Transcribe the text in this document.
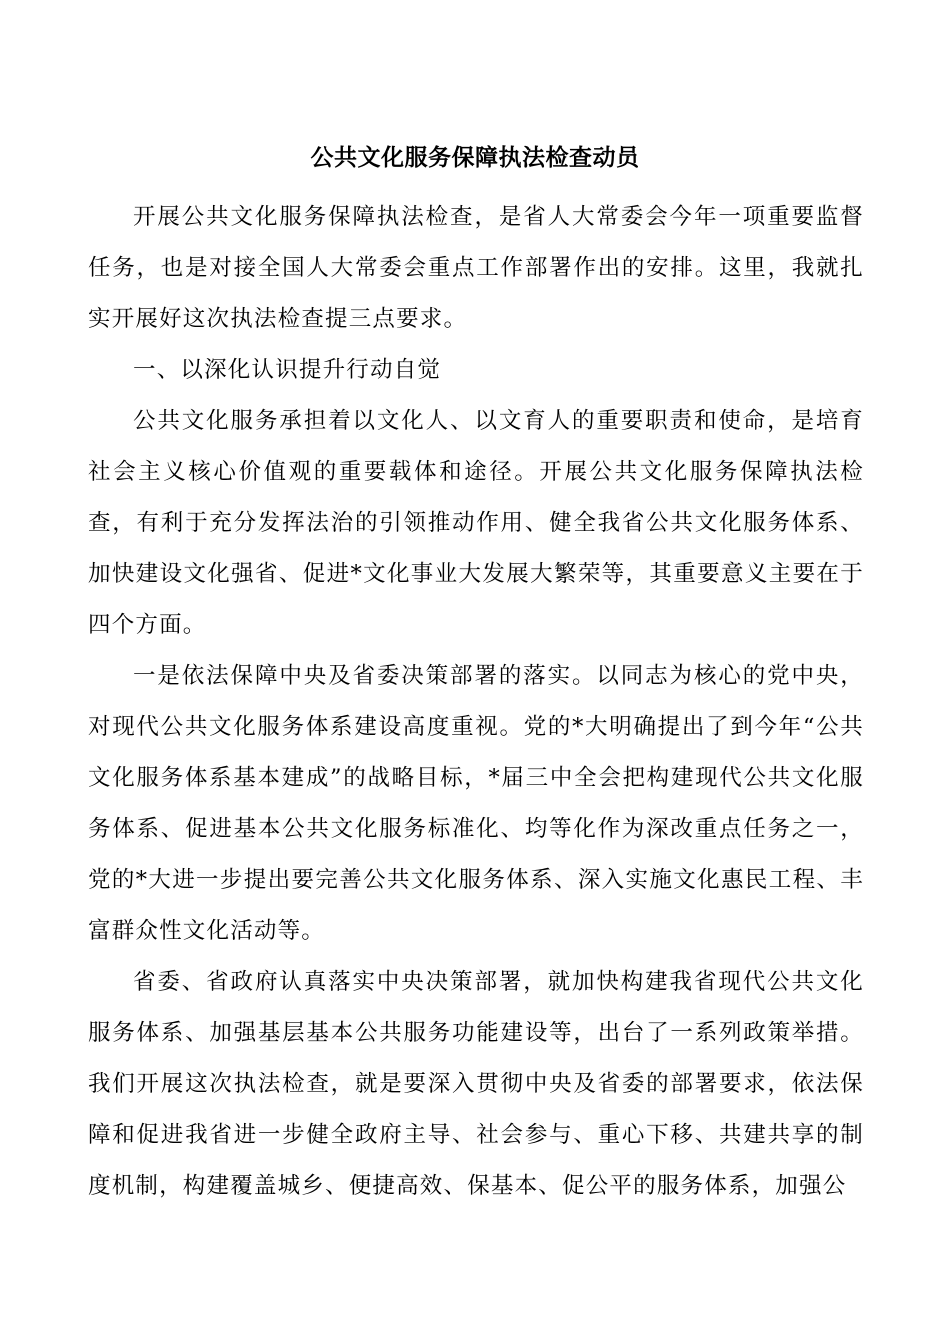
公共文化服务保障执法检查动员

开展公共文化服务保障执法检查，是省人大常委会今年一项重要监督任务，也是对接全国人大常委会重点工作部署作出的安排。这里，我就扎实开展好这次执法检查提三点要求。

一、以深化认识提升行动自觉

公共文化服务承担着以文化人、以文育人的重要职责和使命，是培育社会主义核心价值观的重要载体和途径。开展公共文化服务保障执法检查，有利于充分发挥法治的引领推动作用、健全我省公共文化服务体系、加快建设文化强省、促进*文化事业大发展大繁荣等，其重要意义主要在于四个方面。

一是依法保障中央及省委决策部署的落实。以同志为核心的党中央，对现代公共文化服务体系建设高度重视。党的*大明确提出了到今年“公共文化服务体系基本建成”的战略目标，*届三中全会把构建现代公共文化服务体系、促进基本公共文化服务标准化、均等化作为深改重点任务之一，党的*大进一步提出要完善公共文化服务体系、深入实施文化惠民工程、丰富群众性文化活动等。

省委、省政府认真落实中央决策部署，就加快构建我省现代公共文化服务体系、加强基层基本公共服务功能建设等，出台了一系列政策举措。我们开展这次执法检查，就是要深入贯彻中央及省委的部署要求，依法保障和促进我省进一步健全政府主导、社会参与、重心下移、共建共享的制度机制，构建覆盖城乡、便捷高效、保基本、促公平的服务体系，加强公
